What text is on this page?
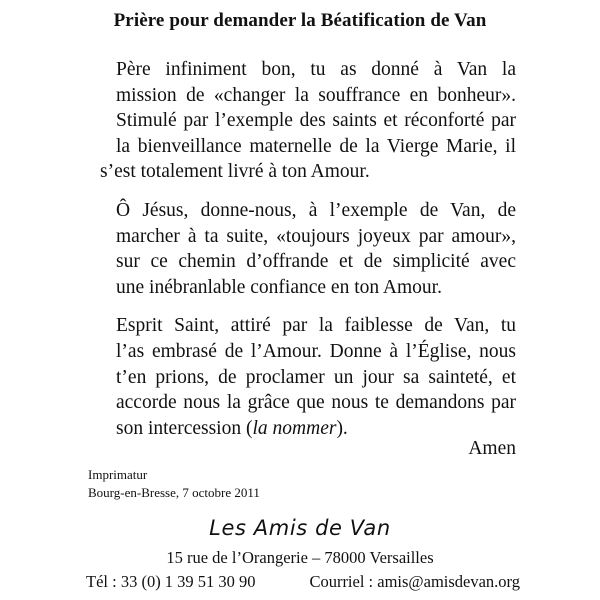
Prière pour demander la Béatification de Van
Père infiniment bon, tu as donné à Van la
mission de «changer la souffrance en bonheur».
Stimulé par l’exemple des saints et réconforté par
la bienveillance maternelle de la Vierge Marie, il
s’est totalement livré à ton Amour.
Ô Jésus, donne-nous, à l’exemple de Van, de
marcher à ta suite, «toujours joyeux par amour»,
sur ce chemin d’offrande et de simplicité avec
une inébranlable confiance en ton Amour.
Esprit Saint, attiré par la faiblesse de Van, tu
l’as embrasé de l’Amour. Donne à l’Église, nous
t’en prions, de proclamer un jour sa sainteté, et
accorde nous la grâce que nous te demandons par
son intercession (la nommer).
Amen
Imprimatur
Bourg-en-Bresse, 7 octobre 2011
Les Amis de Van
15 rue de l’Orangerie – 78000 Versailles
Tél : 33 (0) 1 39 51 30 90	Courriel : amis@amisdevan.org
